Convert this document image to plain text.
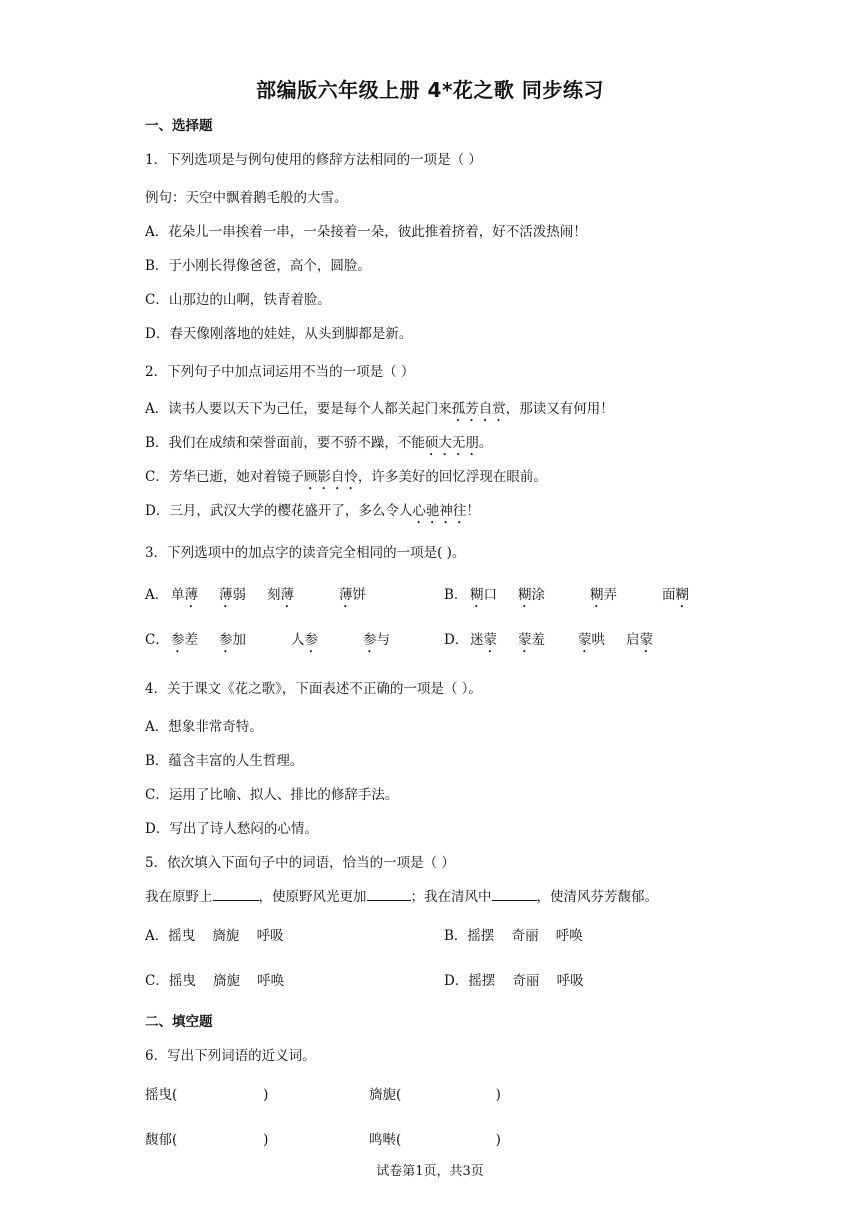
部编版六年级上册 4*花之歌 同步练习
一、选择题
1．下列选项是与例句使用的修辞方法相同的一项是（ ）
例句：天空中飘着鹅毛般的大雪。
A．花朵儿一串挨着一串，一朵接着一朵，彼此推着挤着，好不活泼热闹！
B．于小刚长得像爸爸，高个，圆脸。
C．山那边的山啊，铁青着脸。
D．春天像刚落地的娃娃，从头到脚都是新。
2．下列句子中加点词运用不当的一项是（ ）
A．读书人要以天下为己任，要是每个人都关起门来孤芳自赏，那读又有何用！
B．我们在成绩和荣誉面前，要不骄不躁，不能硕大无朋。
C．芳华已逝，她对着镜子顾影自怜，许多美好的回忆浮现在眼前。
D．三月，武汉大学的樱花盛开了，多么令人心驰神往！
3．下列选项中的加点字的读音完全相同的一项是( )。
A． 单薄 薄弱 刻薄	薄饼	B． 糊口 糊涂	糊弄	面糊
C． 参差 参加	人参	参与	D． 迷蒙 蒙羞 蒙哄 启蒙
4．关于课文《花之歌》，下面表述不正确的一项是（ ）。
A．想象非常奇特。
B．蕴含丰富的人生哲理。
C．运用了比喻、拟人、排比的修辞手法。
D．写出了诗人愁闷的心情。
5．依次填入下面句子中的词语，恰当的一项是（ ）
我在原野上	，使原野风光更加	；我在清风中	，使清风芬芳馥郁。
A．摇曳    旖旎    呼吸	B．摇摆    奇丽    呼唤
C．摇曳    旖旎    呼唤	D．摇摆    奇丽    呼吸
二、填空题
6．写出下列词语的近义词。
摇曳(                    )	旖旎(                      )
馥郁(                    )	鸣啭(                      )
试卷第1页，共3页
